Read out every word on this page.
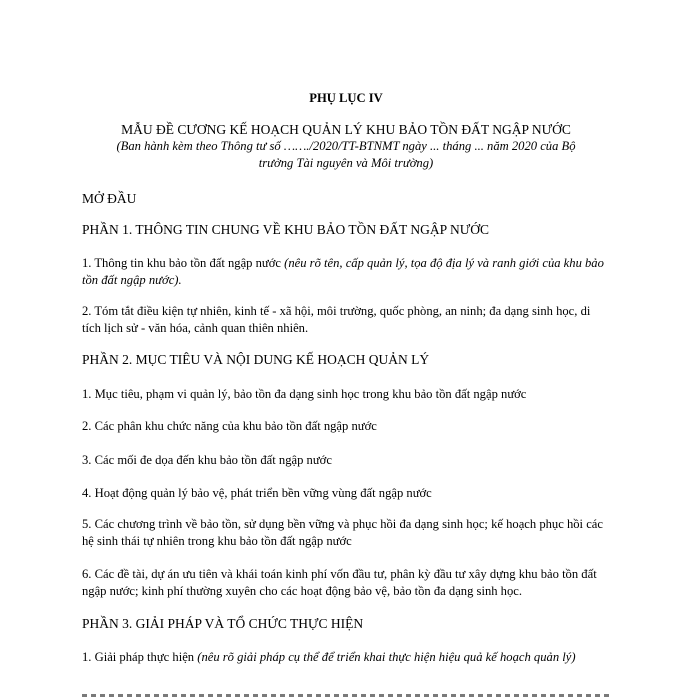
PHỤ LỤC IV
MẪU ĐỀ CƯƠNG KẾ HOẠCH QUẢN LÝ KHU BẢO TỒN ĐẤT NGẬP NƯỚC
(Ban hành kèm theo Thông tư số ……./2020/TT-BTNMT ngày ... tháng ... năm 2020 của Bộ
trưởng Tài nguyên và Môi trường)
MỞ ĐẦU
PHẦN 1. THÔNG TIN CHUNG VỀ KHU BẢO TỒN ĐẤT NGẬP NƯỚC
1. Thông tin khu bảo tồn đất ngập nước (nêu rõ tên, cấp quản lý, tọa độ địa lý và ranh giới của khu bảo tồn đất ngập nước).
2. Tóm tắt điều kiện tự nhiên, kinh tế - xã hội, môi trường, quốc phòng, an ninh; đa dạng sinh học, di tích lịch sử - văn hóa, cảnh quan thiên nhiên.
PHẦN 2. MỤC TIÊU VÀ NỘI DUNG KẾ HOẠCH QUẢN LÝ
1. Mục tiêu, phạm vi quản lý, bảo tồn đa dạng sinh học trong khu bảo tồn đất ngập nước
2. Các phân khu chức năng của khu bảo tồn đất ngập nước
3. Các mối đe dọa đến khu bảo tồn đất ngập nước
4. Hoạt động quản lý bảo vệ, phát triển bền vững vùng đất ngập nước
5. Các chương trình về bảo tồn, sử dụng bền vững và phục hồi đa dạng sinh học; kế hoạch phục hồi các hệ sinh thái tự nhiên trong khu bảo tồn đất ngập nước
6. Các đề tài, dự án ưu tiên và khái toán kinh phí vốn đầu tư, phân kỳ đầu tư xây dựng khu bảo tồn đất ngập nước; kinh phí thường xuyên cho các hoạt động bảo vệ, bảo tồn đa dạng sinh học.
PHẦN 3. GIẢI PHÁP VÀ TỔ CHỨC THỰC HIỆN
1. Giải pháp thực hiện (nêu rõ giải pháp cụ thể để triển khai thực hiện hiệu quả kế hoạch quản lý)
